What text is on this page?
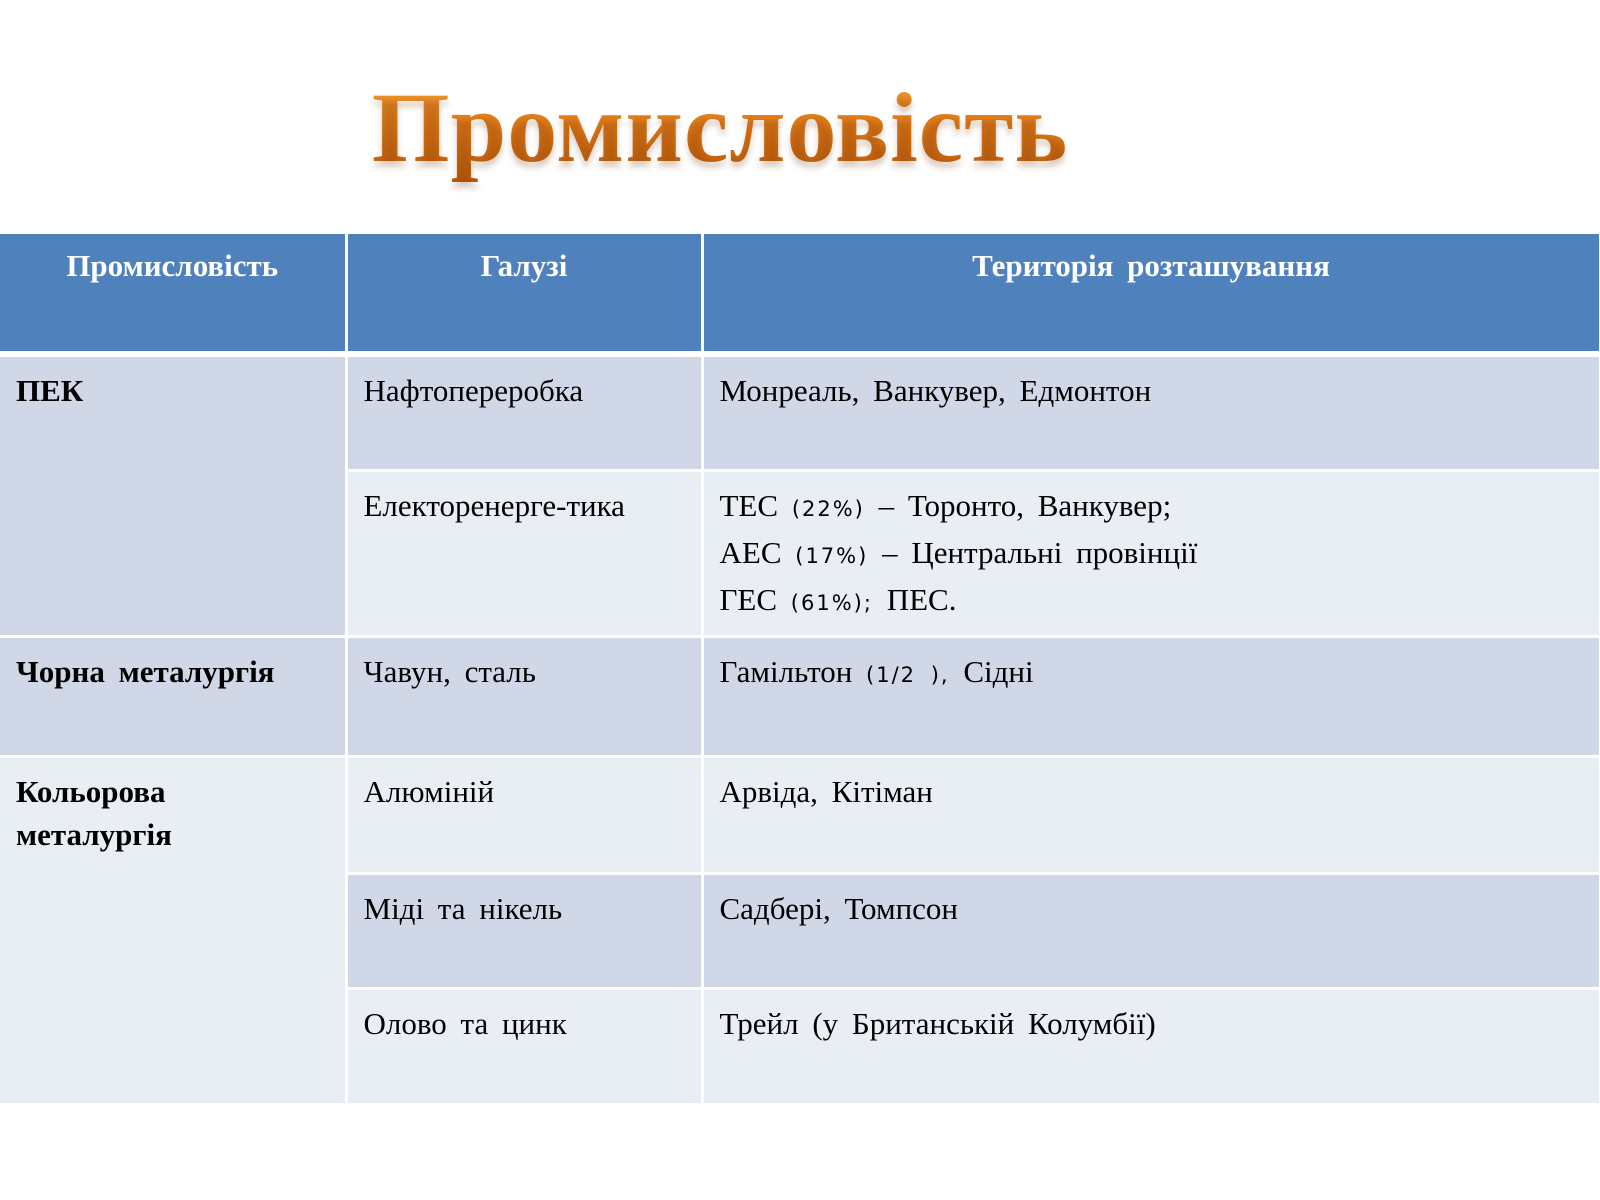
Промисловість
Промисловість	Галузі	Територія розташування
ПЕК	Нафтопереробка	Монреаль, Ванкувер, Едмонтон
	Електоренерге-тика	ТЕС (22%) – Торонто, Ванкувер;
АЕС (17%) – Центральні провінції
ГЕС (61%); ПЕС.

Чорна металургія	Чавун, сталь	Гамільтон (1/2 ), Сідні
Кольорова металургія	Алюміній	Арвіда, Кітіман
	Міді та нікель	Садбері, Томпсон
	Олово та цинк	Трейл (у Британській Колумбії)
